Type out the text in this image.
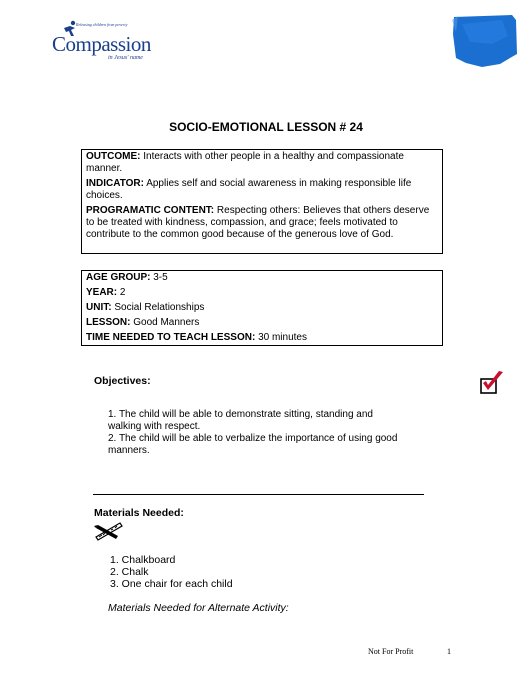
Releasing children from poverty
Compassion
in Jesus' name
SOCIO-EMOTIONAL LESSON # 24

OUTCOME: Interacts with other people in a healthy and compassionate manner.

INDICATOR: Applies self and social awareness in making responsible life choices.

PROGRAMATIC CONTENT: Respecting others: Believes that others deserve to be treated with kindness, compassion, and grace; feels motivated to contribute to the common good because of the generous love of God.

AGE GROUP: 3-5

YEAR: 2

UNIT: Social Relationships

LESSON: Good Manners

TIME NEEDED TO TEACH LESSON: 30 minutes

Objectives:
1. The child will be able to demonstrate sitting, standing and walking with respect.
2. The child will be able to verbalize the importance of using good manners.
Materials Needed:
1. Chalkboard
2. Chalk
3. One chair for each child
Materials Needed for Alternate Activity:
Not For Profit	1
